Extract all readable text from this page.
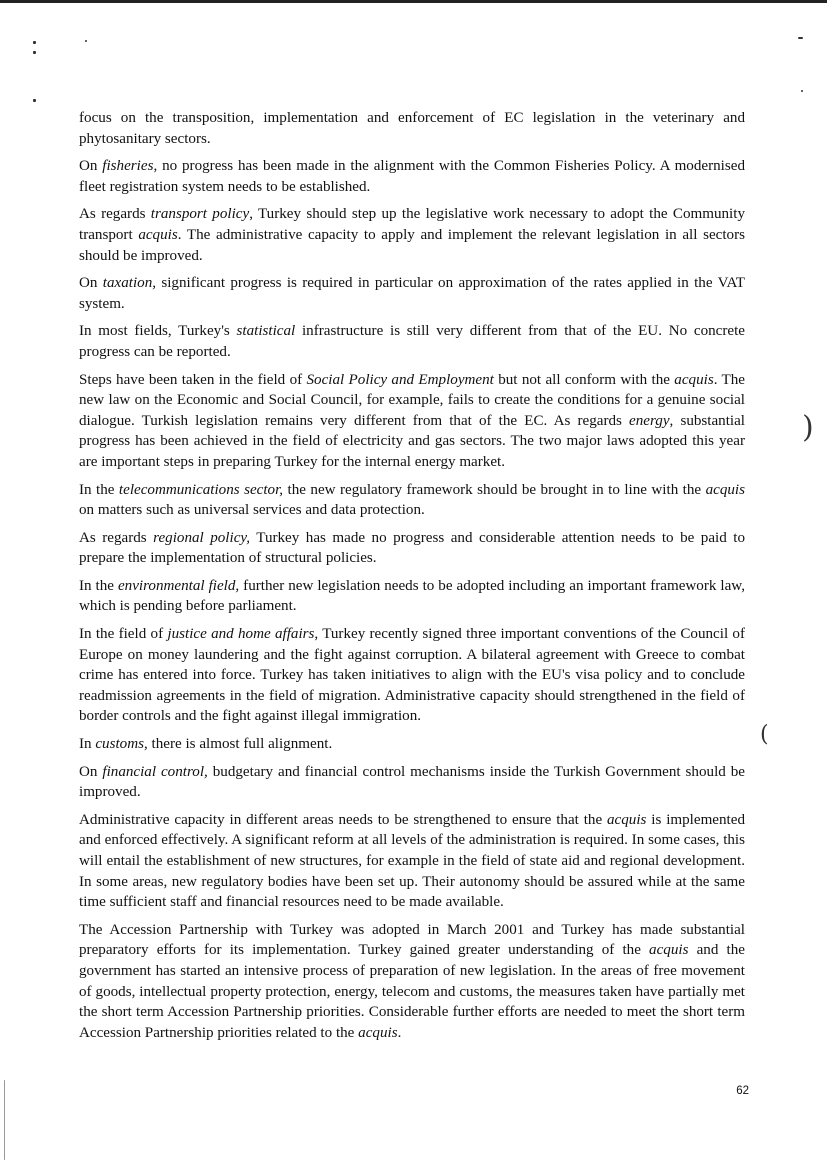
)
(

focus on the transposition, implementation and enforcement of EC legislation in the veterinary and phytosanitary sectors.

On fisheries, no progress has been made in the alignment with the Common Fisheries Policy. A modernised fleet registration system needs to be established.

As regards transport policy, Turkey should step up the legislative work necessary to adopt the Community transport acquis. The administrative capacity to apply and implement the relevant legislation in all sectors should be improved.

On taxation, significant progress is required in particular on approximation of the rates applied in the VAT system.

In most fields, Turkey's statistical infrastructure is still very different from that of the EU. No concrete progress can be reported.

Steps have been taken in the field of Social Policy and Employment but not all conform with the acquis. The new law on the Economic and Social Council, for example, fails to create the conditions for a genuine social dialogue. Turkish legislation remains very different from that of the EC. As regards energy, substantial progress has been achieved in the field of electricity and gas sectors. The two major laws adopted this year are important steps in preparing Turkey for the internal energy market.

In the telecommunications sector, the new regulatory framework should be brought in to line with the acquis on matters such as universal services and data protection.

As regards regional policy, Turkey has made no progress and considerable attention needs to be paid to prepare the implementation of structural policies.

In the environmental field, further new legislation needs to be adopted including an important framework law, which is pending before parliament.

In the field of justice and home affairs, Turkey recently signed three important conventions of the Council of Europe on money laundering and the fight against corruption. A bilateral agreement with Greece to combat crime has entered into force. Turkey has taken initiatives to align with the EU's visa policy and to conclude readmission agreements in the field of migration. Administrative capacity should strengthened in the field of border controls and the fight against illegal immigration.

In customs, there is almost full alignment.

On financial control, budgetary and financial control mechanisms inside the Turkish Government should be improved.

Administrative capacity in different areas needs to be strengthened to ensure that the acquis is implemented and enforced effectively. A significant reform at all levels of the administration is required. In some cases, this will entail the establishment of new structures, for example in the field of state aid and regional development. In some areas, new regulatory bodies have been set up. Their autonomy should be assured while at the same time sufficient staff and financial resources need to be made available.

The Accession Partnership with Turkey was adopted in March 2001 and Turkey has made substantial preparatory efforts for its implementation. Turkey gained greater understanding of the acquis and the government has started an intensive process of preparation of new legislation. In the areas of free movement of goods, intellectual property protection, energy, telecom and customs, the measures taken have partially met the short term Accession Partnership priorities. Considerable further efforts are needed to meet the short term Accession Partnership priorities related to the acquis.

62
